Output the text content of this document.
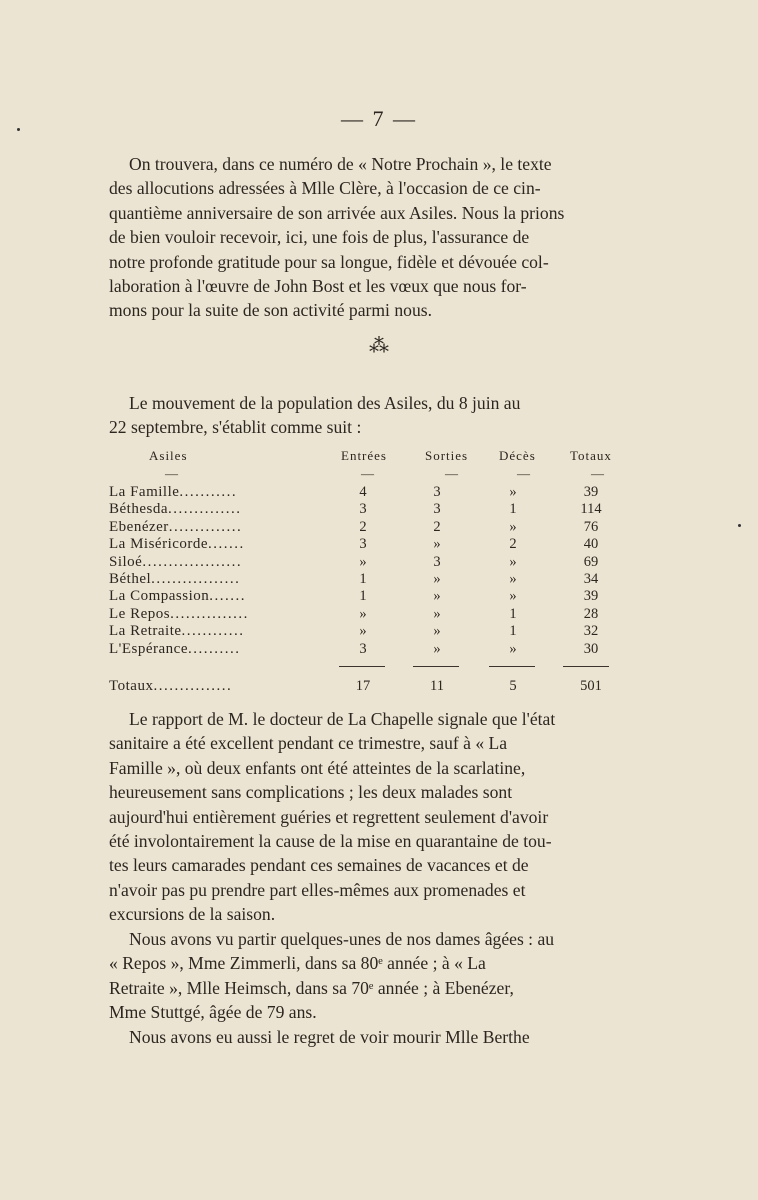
— 7 —
On trouvera, dans ce numéro de « Notre Prochain », le texte
des allocutions adressées à Mlle Clère, à l'occasion de ce cin-
quantième anniversaire de son arrivée aux Asiles. Nous la prions
de bien vouloir recevoir, ici, une fois de plus, l'assurance de
notre profonde gratitude pour sa longue, fidèle et dévouée col-
laboration à l'œuvre de John Bost et les vœux que nous for-
mons pour la suite de son activité parmi nous.
⁂
Le mouvement de la population des Asiles, du 8 juin au
22 septembre, s'établit comme suit :
Asiles	Entrées	Sorties Décès	Totaux
—	—	—	—	—
La Famille...........	4	3	»	39
Béthesda..............	3	3	1	114
Ebenézer..............	2	2	»	76
La Miséricorde.......	3	»	2	40
Siloé...................	»	3	»	69
Béthel.................	1	»	»	34
La Compassion.......	1	»	»	39
Le Repos...............	»	»	1	28
La Retraite............	»	»	1	32
L'Espérance..........	3	»	»	30
Totaux...............	17	11	5	501
Le rapport de M. le docteur de La Chapelle signale que l'état
sanitaire a été excellent pendant ce trimestre, sauf à « La
Famille », où deux enfants ont été atteintes de la scarlatine,
heureusement sans complications ; les deux malades sont
aujourd'hui entièrement guéries et regrettent seulement d'avoir
été involontairement la cause de la mise en quarantaine de tou-
tes leurs camarades pendant ces semaines de vacances et de
n'avoir pas pu prendre part elles-mêmes aux promenades et
excursions de la saison.
Nous avons vu partir quelques-unes de nos dames âgées : au
« Repos », Mme Zimmerli, dans sa 80ᵉ année ; à « La
Retraite », Mlle Heimsch, dans sa 70ᵉ année ; à Ebenézer,
Mme Stuttgé, âgée de 79 ans.
Nous avons eu aussi le regret de voir mourir Mlle Berthe
